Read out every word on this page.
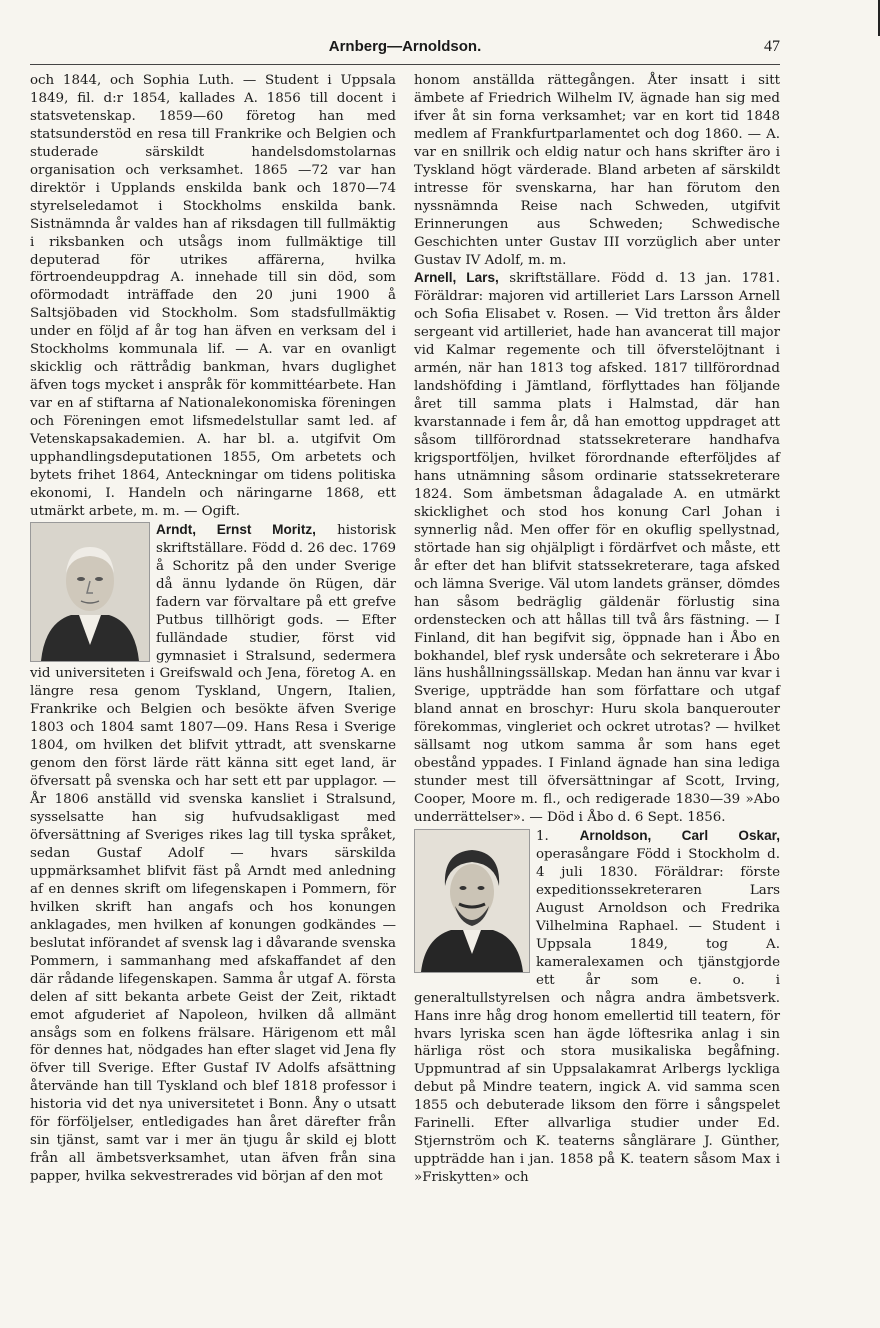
Arnberg—Arnoldson.	47

och 1844, och Sophia Luth. — Student i Uppsala 1849, fil. d:r 1854, kallades A. 1856 till docent i statsvetenskap. 1859—60 företog han med statsunderstöd en resa till Frankrike och Belgien och studerade särskildt handelsdomstolarnas organisation och verksamhet. 1865 —72 var han direktör i Upplands enskilda bank och 1870—74 styrelseledamot i Stockholms enskilda bank. Sistnämnda år valdes han af riksdagen till fullmäktig i riksbanken och utsågs inom fullmäktige till deputerad för utrikes affärerna, hvilka förtroendeuppdrag A. innehade till sin död, som oförmodadt inträffade den 20 juni 1900 å Saltsjöbaden vid Stockholm. Som stadsfullmäktig under en följd af år tog han äfven en verksam del i Stockholms kommunala lif. — A. var en ovanligt skicklig och rättrådig bankman, hvars duglighet äfven togs mycket i anspråk för kommittéarbete. Han var en af stiftarna af Nationalekonomiska föreningen och Föreningen emot lifsmedelstullar samt led. af Vetenskapsakademien. A. har bl. a. utgifvit Om upphandlingsdeputationen 1855, Om arbetets och bytets frihet 1864, Anteckningar om tidens politiska ekonomi, I. Handeln och näringarne 1868, ett utmärkt arbete, m. m. — Ogift.

Arndt, Ernst Moritz, historisk skriftställare. Född d. 26 dec. 1769 å Schoritz på den under Sverige då ännu lydande ön Rügen, där fadern var förvaltare på ett grefve Putbus tillhörigt gods. — Efter fulländade studier, först vid gymnasiet i Stralsund, sedermera vid universiteten i Greifswald och Jena, företog A. en längre resa genom Tyskland, Ungern, Italien, Frankrike och Belgien och besökte äfven Sverige 1803 och 1804 samt 1807—09. Hans Resa i Sverige 1804, om hvilken det blifvit yttradt, att svenskarne genom den först lärde rätt känna sitt eget land, är öfversatt på svenska och har sett ett par upplagor. — År 1806 anställd vid svenska kansliet i Stralsund, sysselsatte han sig hufvudsakligast med öfversättning af Sveriges rikes lag till tyska språket, sedan Gustaf Adolf — hvars särskilda uppmärksamhet blifvit fäst på Arndt med anledning af en dennes skrift om lifegenskapen i Pommern, för hvilken skrift han angafs och hos konungen anklagades, men hvilken af konungen godkändes — beslutat införandet af svensk lag i dåvarande svenska Pommern, i sammanhang med afskaffandet af den där rådande lifegenskapen. Samma år utgaf A. första delen af sitt bekanta arbete Geist der Zeit, riktadt emot afguderiet af Napoleon, hvilken då allmänt ansågs som en folkens frälsare. Härigenom ett mål för dennes hat, nödgades han efter slaget vid Jena fly öfver till Sverige. Efter Gustaf IV Adolfs afsättning återvände han till Tyskland och blef 1818 professor i historia vid det nya universitetet i Bonn. Åny o utsatt för förföljelser, entledigades han året därefter från sin tjänst, samt var i mer än tjugu år skild ej blott från all ämbetsverksamhet, utan äfven från sina papper, hvilka sekvestrerades vid början af den mot

honom anställda rättegången. Åter insatt i sitt ämbete af Friedrich Wilhelm IV, ägnade han sig med ifver åt sin forna verksamhet; var en kort tid 1848 medlem af Frankfurtparlamentet och dog 1860. — A. var en snillrik och eldig natur och hans skrifter äro i Tyskland högt värderade. Bland arbeten af särskildt intresse för svenskarna, har han förutom den nyssnämnda Reise nach Schweden, utgifvit Erinnerungen aus Schweden; Schwedische Geschichten unter Gustav III vorzüglich aber unter Gustav IV Adolf, m. m.

Arnell, Lars, skriftställare. Född d. 13 jan. 1781. Föräldrar: majoren vid artilleriet Lars Larsson Arnell och Sofia Elisabet v. Rosen. — Vid tretton års ålder sergeant vid artilleriet, hade han avancerat till major vid Kalmar regemente och till öfverstelöjtnant i armén, när han 1813 tog afsked. 1817 tillförordnad landshöfding i Jämtland, förflyttades han följande året till samma plats i Halmstad, där han kvarstannade i fem år, då han emottog uppdraget att såsom tillförordnad statssekreterare handhafva krigsportföljen, hvilket förordnande efterföljdes af hans utnämning såsom ordinarie statssekreterare 1824. Som ämbetsman ådagalade A. en utmärkt skicklighet och stod hos konung Carl Johan i synnerlig nåd. Men offer för en okuflig spellystnad, störtade han sig ohjälpligt i fördärfvet och måste, ett år efter det han blifvit statssekreterare, taga afsked och lämna Sverige. Väl utom landets gränser, dömdes han såsom bedräglig gäldenär förlustig sina ordenstecken och att hållas till två års fästning. — I Finland, dit han begifvit sig, öppnade han i Åbo en bokhandel, blef rysk undersåte och sekreterare i Åbo läns hushållningssällskap. Medan han ännu var kvar i Sverige, uppträdde han som författare och utgaf bland annat en broschyr: Huru skola banquerouter förekommas, vingleriet och ockret utrotas? — hvilket sällsamt nog utkom samma år som hans eget obestånd yppades. I Finland ägnade han sina lediga stunder mest till öfversättningar af Scott, Irving, Cooper, Moore m. fl., och redigerade 1830—39 »Abo underrättelser». — Död i Åbo d. 6 Sept. 1856.

1. Arnoldson, Carl Oskar,
operasångare Född i Stockholm d. 4 juli 1830. Föräldrar: förste expeditionssekreteraren Lars August Arnoldson och Fredrika Vilhelmina Raphael. — Student i Uppsala 1849, tog A. kameralexamen och tjänstgjorde ett år som e. o. i generaltullstyrelsen och några andra ämbetsverk. Hans inre håg drog honom emellertid till teatern, för hvars lyriska scen han ägde löftesrika anlag i sin härliga röst och stora musikaliska begåfning. Uppmuntrad af sin Uppsalakamrat Arlbergs lyckliga debut på Mindre teatern, ingick A. vid samma scen 1855 och debuterade liksom den förre i sångspelet Farinelli. Efter allvarliga studier under Ed. Stjernström och K. teaterns sånglärare J. Günther, uppträdde han i jan. 1858 på K. teatern såsom Max i »Friskytten» och
